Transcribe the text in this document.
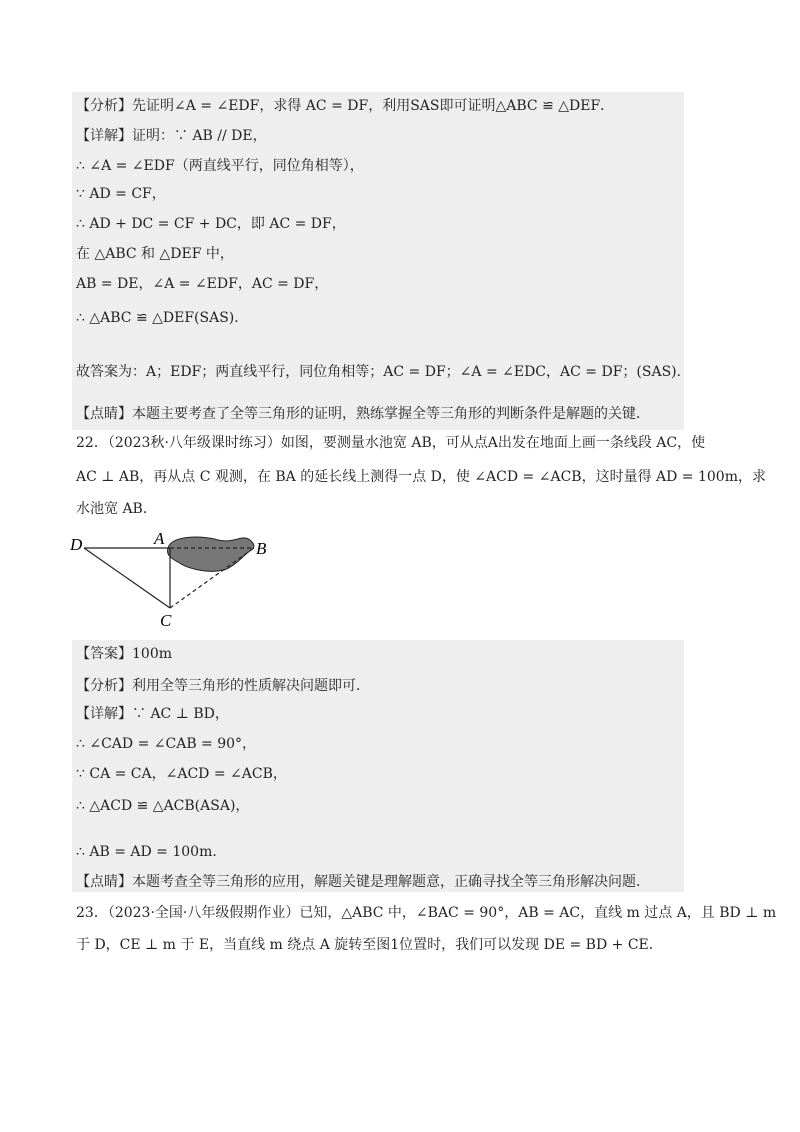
【分析】先证明∠A = ∠EDF，求得 AC = DF，利用SAS即可证明△ABC ≌ △DEF．
【详解】证明：∵ AB // DE，
∴ ∠A = ∠EDF（两直线平行，同位角相等），
∵ AD = CF，
∴ AD + DC = CF + DC，即 AC = DF，
在 △ABC 和 △DEF 中，
AB = DE，∠A = ∠EDF，AC = DF，
∴ △ABC ≌ △DEF(SAS)．
故答案为：A；EDF；两直线平行，同位角相等；AC = DF；∠A = ∠EDC，AC = DF；(SAS)．
【点睛】本题主要考查了全等三角形的证明，熟练掌握全等三角形的判断条件是解题的关键．
22．（2023秋·八年级课时练习）如图，要测量水池宽 AB，可从点A出发在地面上画一条线段 AC，使
AC ⊥ AB，再从点 C 观测，在 BA 的延长线上测得一点 D，使 ∠ACD = ∠ACB，这时量得 AD = 100m，求
水池宽 AB．
D	A
B
C
【答案】100m
【分析】利用全等三角形的性质解决问题即可．
【详解】∵ AC ⊥ BD，
∴ ∠CAD = ∠CAB = 90°，
∵ CA = CA，∠ACD = ∠ACB，
∴ △ACD ≌ △ACB(ASA)，
∴ AB = AD = 100m．
【点睛】本题考查全等三角形的应用，解题关键是理解题意，正确寻找全等三角形解决问题．
23．（2023·全国·八年级假期作业）已知，△ABC 中，∠BAC = 90°，AB = AC，直线 m 过点 A，且 BD ⊥ m
于 D，CE ⊥ m 于 E，当直线 m 绕点 A 旋转至图1位置时，我们可以发现 DE = BD + CE．
